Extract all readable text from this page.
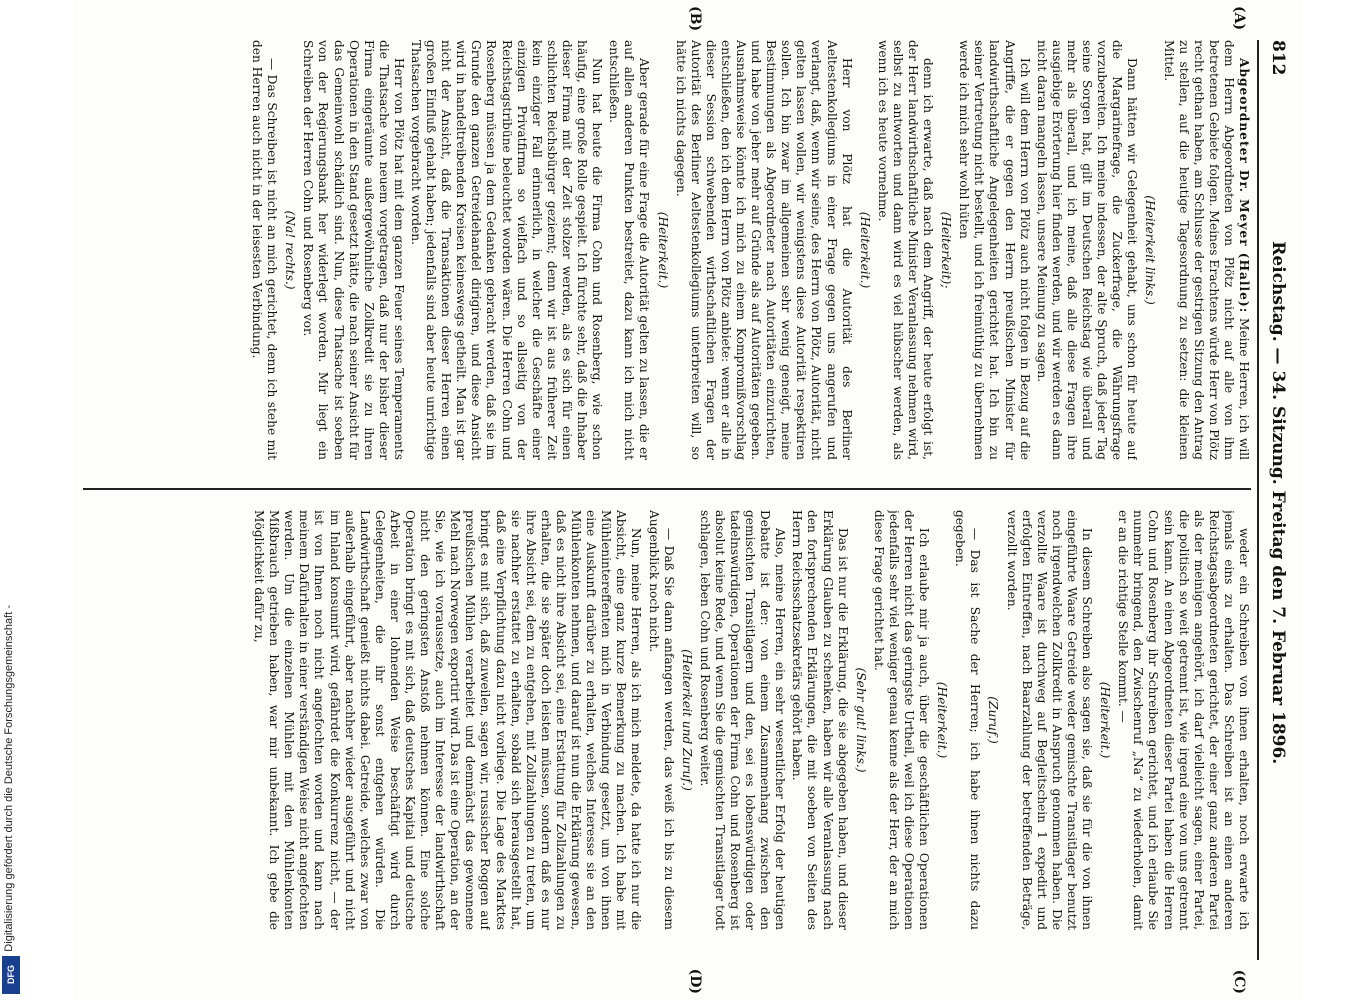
Digitalisierung gefördert durch die Deutsche Forschungsgemeinschaft -
DFG
812
Reichstag. — 34. Sitzung. Freitag den 7. Februar 1896.
(A)
(B)
(C)
(D)

Abgeordneter Dr. Meyer (Halle): Meine Herren, ich will dem Herrn Abgeordneten von Plötz nicht auf alle von ihm betretenen Gebiete folgen. Meines Erachtens würde Herr von Plötz recht gethan haben, am Schlusse der gestrigen Sitzung den Antrag zu stellen, auf die heutige Tagesordnung zu setzen: die kleinen Mittel.

(Heiterkeit links.)

Dann hätten wir Gelegenheit gehabt, uns schon für heute auf die Margarinefrage, die Zuckerfrage, die Währungsfrage vorzubereiten. Ich meine indessen, der alte Spruch, daß jeder Tag seine Sorgen hat, gilt im Deutschen Reichstag wie überall und mehr als überall, und ich meine, daß alle diese Fragen ihre ausgiebige Erörterung hier finden werden, und wir werden es dann nicht daran mangeln lassen, unsere Meinung zu sagen.

Ich will dem Herrn von Plötz auch nicht folgen in Bezug auf die Angriffe, die er gegen den Herrn preußischen Minister für landwirthschaftliche Angelegenheiten gerichtet hat. Ich bin zu seiner Vertretung nicht bestellt, und ich freimüthig zu übernehmen werde ich mich sehr wohl hüten

(Heiterkeit);

denn ich erwarte, daß nach dem Angriff, der heute erfolgt ist, der Herr landwirthschaftliche Minister Veranlassung nehmen wird, selbst zu antworten und dann wird es viel hübscher werden, als wenn ich es heute vornehme.

(Heiterkeit.)

Herr von Plötz hat die Autorität des Berliner Aeltestenkollegiums in einer Frage gegen uns angerufen und verlangt, daß, wenn wir seine, des Herrn von Plötz, Autorität, nicht gelten lassen wollen, wir wenigstens diese Autorität respektiren sollen. Ich bin zwar im allgemeinen sehr wenig geneigt, meine Bestimmungen als Abgeordneter nach Autoritäten einzurichten, und habe von jeher mehr auf Gründe als auf Autoritäten gegeben. Ausnahmsweise könnte ich mich zu einem Kompromißvorschlag entschließen, den ich dem Herrn von Plötz anbiete: wenn er alle in dieser Session schwebenden wirthschaftlichen Fragen der Autorität des Berliner Aeltestenkollegiums unterbreiten will, so hätte ich nichts dagegen.

(Heiterkeit.)

Aber gerade für eine Frage die Autorität gelten zu lassen, die er auf allen anderen Punkten bestreitet, dazu kann ich mich nicht entschließen.

Nun hat heute die Firma Cohn und Rosenberg, wie schon häufig, eine große Rolle gespielt. Ich fürchte sehr, daß die Inhaber dieser Firma mit der Zeit stolzer werden, als es sich für einen schlichten Reichsbürger geziemt; denn wir ist aus früherer Zeit kein einziger Fall erinnerlich, in welcher die Geschäfte einer einzigen Privatfirma so vielfach und so allseitig von der Reichstagstribüne beleuchtet worden wären. Die Herren Cohn und Rosenberg müssen ja dem Gedanken gebracht werden, daß sie im Grunde den ganzen Getreidehandel dirigiren, und diese Ansicht wird in handeltreibenden Kreisen keineswegs getheilt. Man ist gar nicht der Ansicht, daß die Transaktionen dieser Herren einen großen Einfluß gehabt haben; jedenfalls sind aber heute unrichtige Thatsachen vorgebracht worden.

Herr von Plötz hat mit dem ganzen Feuer seines Temperaments die Thatsache von neuem vorgetragen, daß nur der bisher dieser Firma eingeräumte außergewöhnliche Zollkredit sie zu ihren Operationen in den Stand gesetzt hätte, die nach seiner Ansicht für das Gemeinwohl schädlich sind. Nun, diese Thatsache ist soeben von der Regierungsbank her widerlegt worden. Mir liegt ein Schreiben der Herren Cohn und Rosenberg vor.

(Na! rechts.)

— Das Schreiben ist nicht an mich gerichtet, denn ich stehe mit den Herren auch nicht in der leisesten Verbindung.

weder ein Schreiben von ihnen erhalten, noch erwarte ich jemals eins zu erhalten. Das Schreiben ist an einen anderen Reichstagsabgeordneten gerichtet, der einer ganz anderen Partei als der meinigen angehört, ich darf vielleicht sagen, einer Partei, die politisch so weit getrennt ist, wie irgend eine von uns getrennt sein kann. An einen Abgeordneten dieser Partei haben die Herren Cohn und Rosenberg ihr Schreiben gerichtet, und ich erlaube Sie nunmehr bringend, den Zwischenruf „Na“ zu wiederholen, damit er an die richtige Stelle kommt. —

(Heiterkeit.)

In diesem Schreiben also sagen sie, daß sie für die von ihnen eingeführte Waare Getreide weder gemischte Transitlager benutzt noch irgendwelchen Zollkredit in Anspruch genommen haben. Die verzollte Waare ist durchweg auf Begleitschein 1 expedirt und erfolgten Eintreffen, nach Baarzahlung der betreffenden Beträge, verzollt worden.

(Zuruf.)

— Das ist Sache der Herren; ich habe ihnen nichts dazu gegeben.

(Heiterkeit.)

Ich erlaube mir ja auch, über die geschäftlichen Operationen der Herren nicht das geringste Urtheil, weil ich diese Operationen jedenfalls sehr viel weniger genau kenne als der Herr, der an mich diese Frage gerichtet hat.

(Sehr gut! links.)

Das ist nur die Erklärung, die sie abgegeben haben, und dieser Erklärung Glauben zu schenken, haben wir alle Veranlassung nach den fortsprechenden Erklärungen, die mit soeben von Seiten des Herrn Reichsschatzsekretärs gehört haben.

Also, meine Herren, ein sehr wesentlicher Erfolg der heutigen Debatte ist der: von einem Zusammenhang zwischen den gemischten Transitlagern und den, sei es lobenswürdigen oder tadelnswürdigen, Operationen der Firma Cohn und Rosenberg ist absolut keine Rede, und wenn Sie die gemischten Transitlager todt schlagen, leben Cohn und Rosenberg weiter.

(Heiterkeit und Zuruf.)

— Daß Sie dann anfangen werden, das weiß ich bis zu diesem Augenblick noch nicht.

Nun, meine Herren, als ich mich meldete, da hatte ich nur die Absicht, eine ganz kurze Bemerkung zu machen. Ich habe mit Mühlenintereffenten mich in Verbindung gesetzt, um von ihnen eine Auskunft darüber zu erhalten, welches Interesse sie an den Mühlenkonten nehmen, und darauf ist nun die Erklärung gewesen, daß es nicht ihre Absicht sei, eine Erstattung für Zollzahlungen zu erhalten, die sie später doch leisten müssen, sondern daß es nur ihre Absicht sei, dem zu entgehen, mit Zollzahlungen zu treten, um sie nachher erstattet zu erhalten, sobald sich herausgestellt hat, daß eine Verpflichtung dazu nicht vorliege. Die Lage des Marktes bringt es mit sich, daß zuweilen, sagen wir, russischer Roggen auf preußischen Mühlen verarbeitet und demnächst das gewonnene Mehl nach Norwegen exportirt wird. Das ist eine Operation, an der Sie, wie ich voraussetze, auch im Interesse der landwirthschaft nicht den geringsten Anstoß nehmen können. Eine solche Operation bringt es mit sich, daß deutsches Kapital und deutsche Arbeit in einer lohnenden Weise beschäftigt wird durch Gelegenheiten, die ihr sonst entgehen würden. Die Landwirthschaft genießt nichts dabei. Getreide, welches zwar von außerhalb eingeführt, aber nachher wieder ausgeführt und nicht im Inland konsumirt wird, gefährdet die Konkurrenz nicht, — der ist von Ihnen noch nicht angefochten worden und kann nach meinem Dafürhalten in einer verständigen Weise nicht angefochten werden. Um die einzelnen Mühlen mit den Mühlenkonten Mißbrauch getrieben haben, war mir unbekannt. Ich gebe die Möglichkeit dafür zu,
